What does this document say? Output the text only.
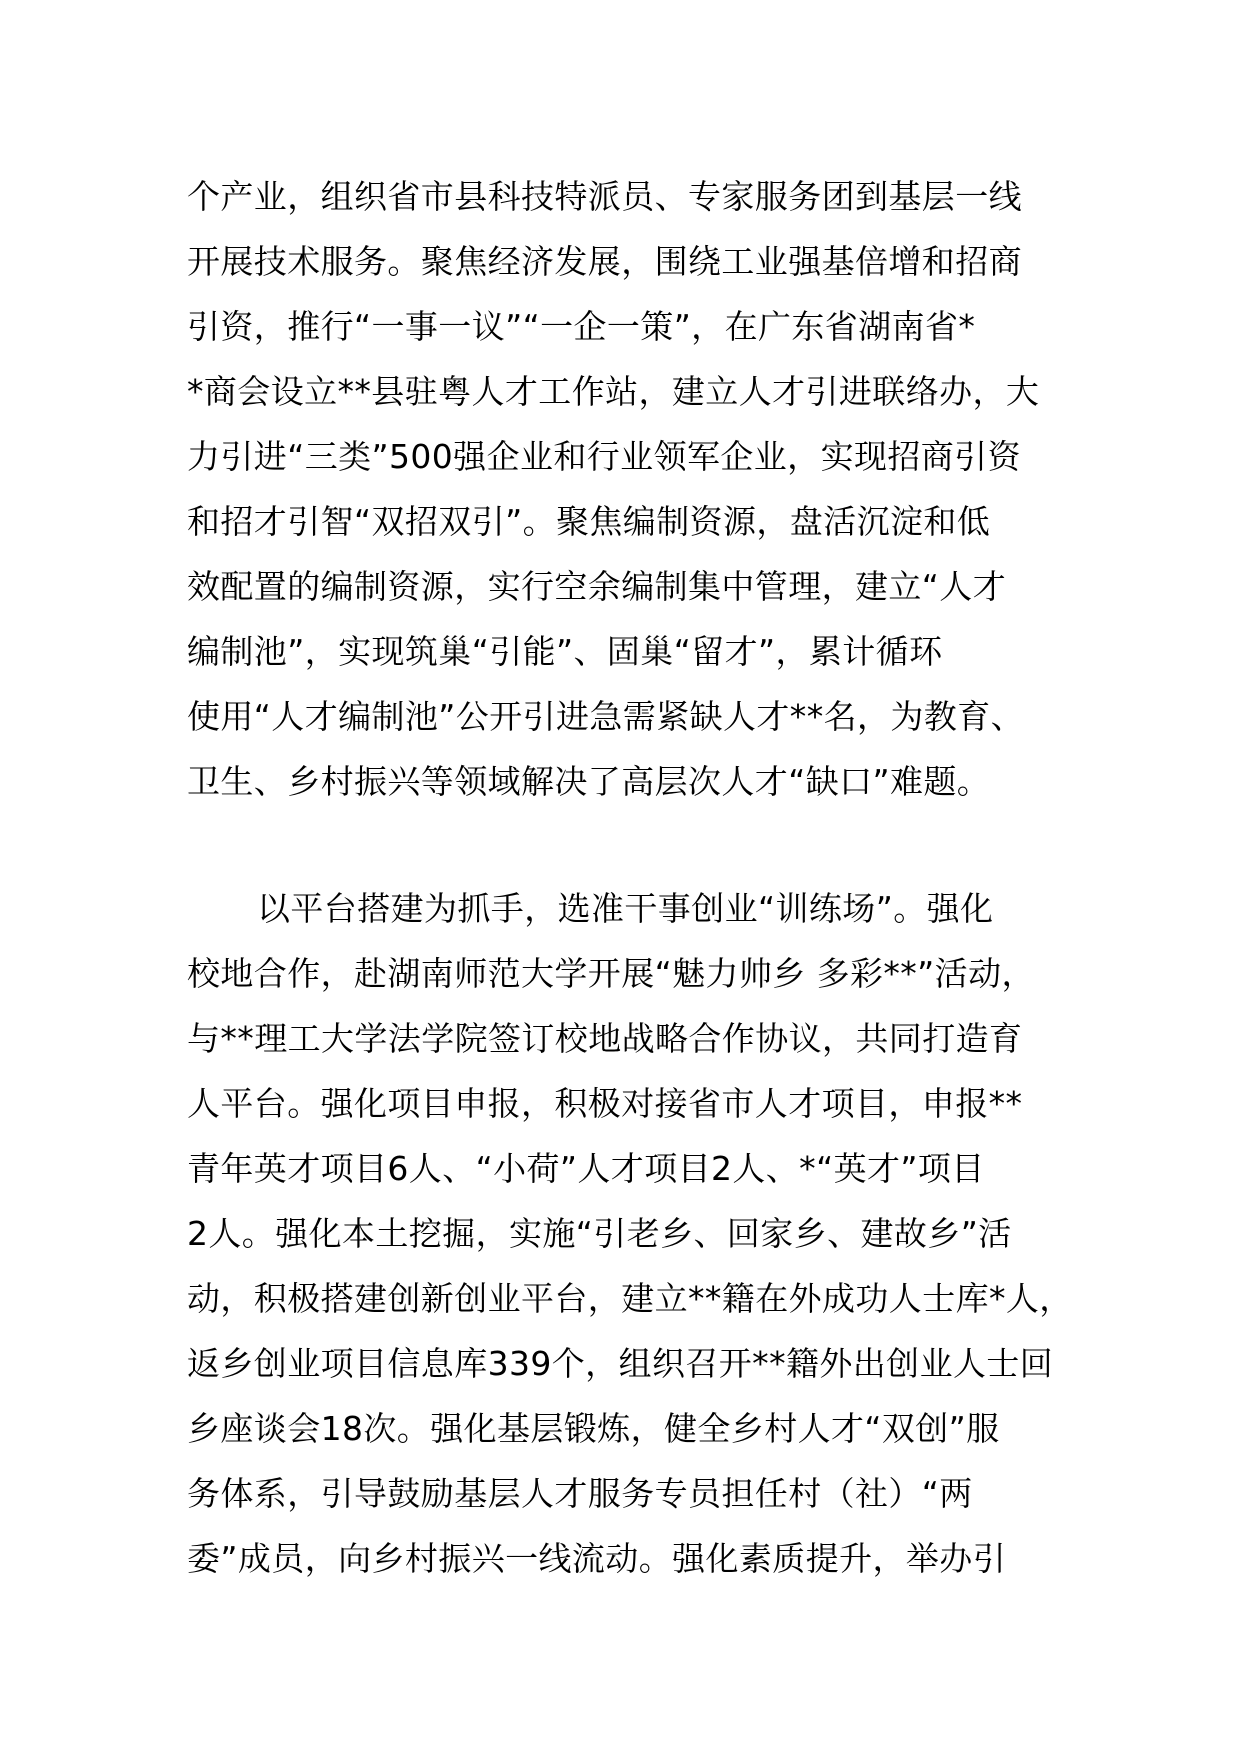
个产业，组织省市县科技特派员、专家服务团到基层一线
开展技术服务。聚焦经济发展，围绕工业强基倍增和招商
引资，推行“一事一议”“一企一策”，在广东省湖南省*
*商会设立**县驻粤人才工作站，建立人才引进联络办，大
力引进“三类”500强企业和行业领军企业，实现招商引资
和招才引智“双招双引”。聚焦编制资源，盘活沉淀和低
效配置的编制资源，实行空余编制集中管理，建立“人才
编制池”，实现筑巢“引能”、固巢“留才”，累计循环
使用“人才编制池”公开引进急需紧缺人才**名，为教育、
卫生、乡村振兴等领域解决了高层次人才“缺口”难题。
以平台搭建为抓手，选准干事创业“训练场”。强化
校地合作，赴湖南师范大学开展“魅力帅乡 多彩**”活动，
与**理工大学法学院签订校地战略合作协议，共同打造育
人平台。强化项目申报，积极对接省市人才项目，申报**
青年英才项目6人、“小荷”人才项目2人、*“英才”项目
2人。强化本土挖掘，实施“引老乡、回家乡、建故乡”活
动，积极搭建创新创业平台，建立**籍在外成功人士库*人，
返乡创业项目信息库339个，组织召开**籍外出创业人士回
乡座谈会18次。强化基层锻炼，健全乡村人才“双创”服
务体系，引导鼓励基层人才服务专员担任村（社）“两
委”成员，向乡村振兴一线流动。强化素质提升，举办引
